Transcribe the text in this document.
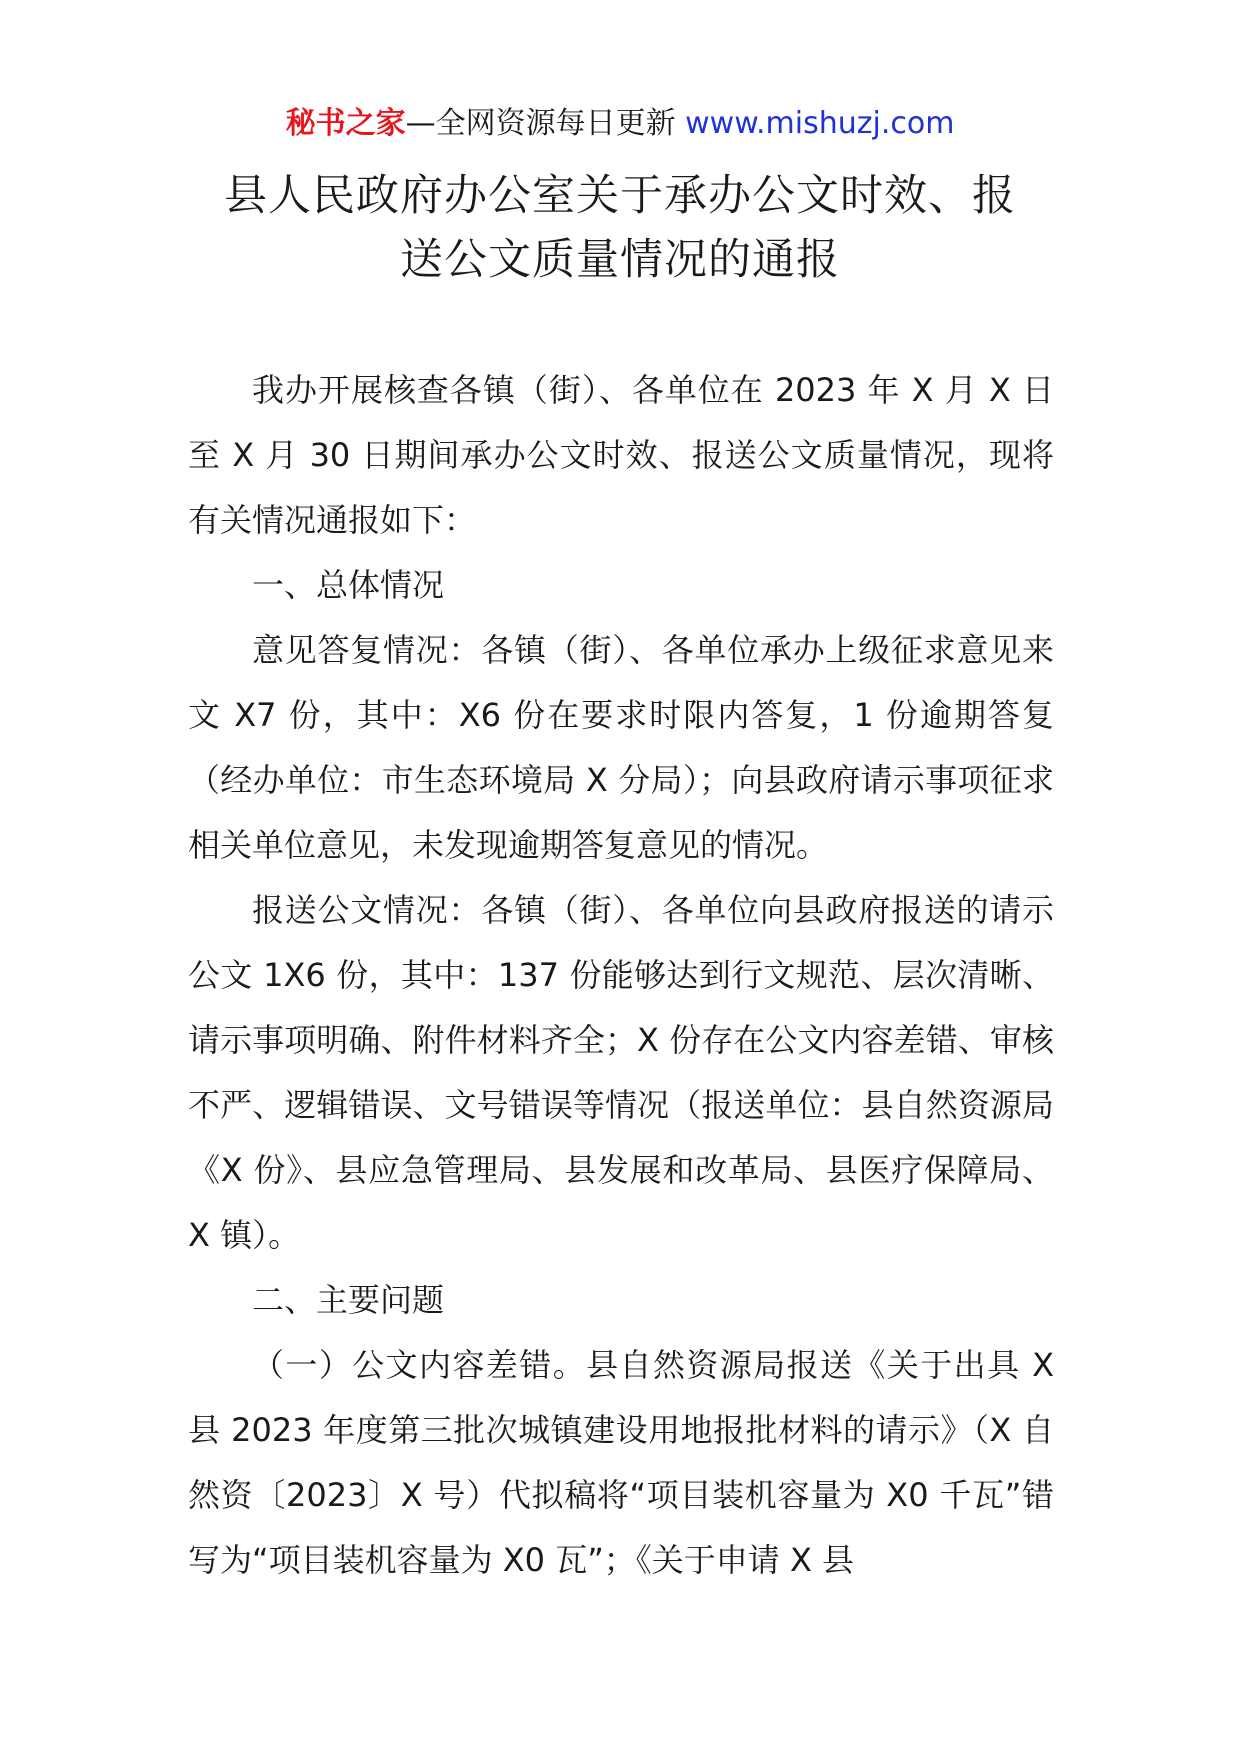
秘书之家—全网资源每日更新 www.mishuzj.com
县人民政府办公室关于承办公文时效、报
送公文质量情况的通报

我办开展核查各镇（街）、各单位在 2023 年 X 月 X 日至 X 月 30 日期间承办公文时效、报送公文质量情况，现将有关情况通报如下：

一、总体情况

意见答复情况：各镇（街）、各单位承办上级征求意见来文 X7 份，其中：X6 份在要求时限内答复，1 份逾期答复（经办单位：市生态环境局 X 分局）；向县政府请示事项征求相关单位意见，未发现逾期答复意见的情况。

报送公文情况：各镇（街）、各单位向县政府报送的请示公文 1X6 份，其中：137 份能够达到行文规范、层次清晰、请示事项明确、附件材料齐全；X 份存在公文内容差错、审核不严、逻辑错误、文号错误等情况（报送单位：县自然资源局《X 份》、县应急管理局、县发展和改革局、县医疗保障局、X 镇）。

二、主要问题

（一）公文内容差错。县自然资源局报送《关于出具 X 县 2023 年度第三批次城镇建设用地报批材料的请示》（X 自然资〔2023〕X 号）代拟稿将“项目装机容量为 X0 千瓦”错写为“项目装机容量为 X0 瓦”；《关于申请 X 县
